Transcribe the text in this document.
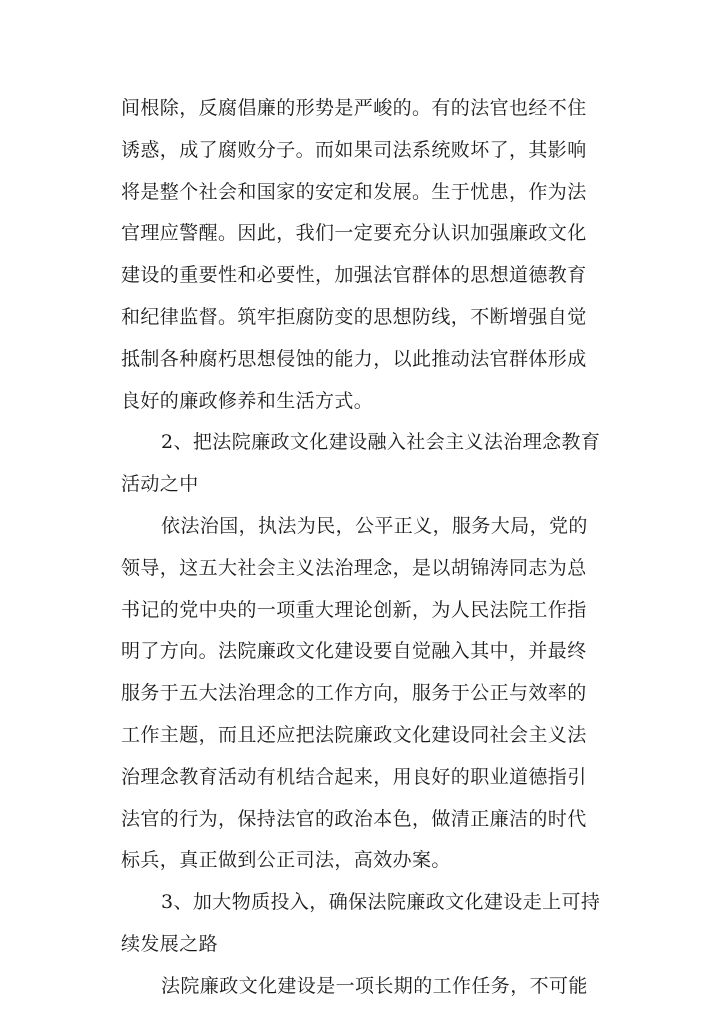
间根除，反腐倡廉的形势是严峻的。有的法官也经不住
诱惑，成了腐败分子。而如果司法系统败坏了，其影响
将是整个社会和国家的安定和发展。生于忧患，作为法
官理应警醒。因此，我们一定要充分认识加强廉政文化
建设的重要性和必要性，加强法官群体的思想道德教育
和纪律监督。筑牢拒腐防变的思想防线，不断增强自觉
抵制各种腐朽思想侵蚀的能力，以此推动法官群体形成
良好的廉政修养和生活方式。
2、把法院廉政文化建设融入社会主义法治理念教育
活动之中
依法治国，执法为民，公平正义，服务大局，党的
领导，这五大社会主义法治理念，是以胡锦涛同志为总
书记的党中央的一项重大理论创新，为人民法院工作指
明了方向。法院廉政文化建设要自觉融入其中，并最终
服务于五大法治理念的工作方向，服务于公正与效率的
工作主题，而且还应把法院廉政文化建设同社会主义法
治理念教育活动有机结合起来，用良好的职业道德指引
法官的行为，保持法官的政治本色，做清正廉洁的时代
标兵，真正做到公正司法，高效办案。
3、加大物质投入，确保法院廉政文化建设走上可持
续发展之路
法院廉政文化建设是一项长期的工作任务，不可能
